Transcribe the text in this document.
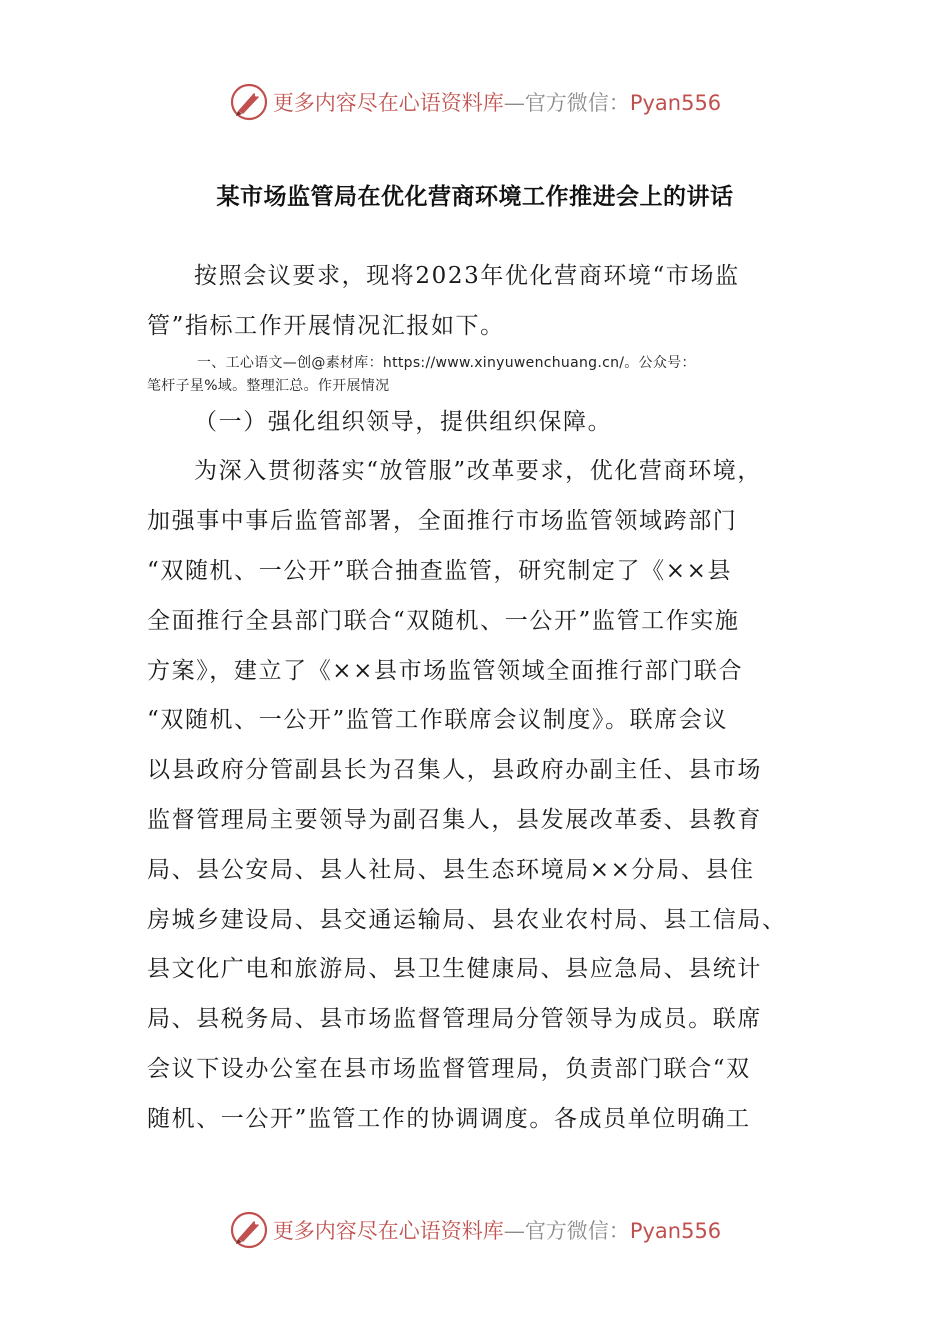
更多内容尽在心语资料库—官方微信：Pyan556
某市场监管局在优化营商环境工作推进会上的讲话
按照会议要求，现将2023年优化营商环境“市场监
管”指标工作开展情况汇报如下。
一、工心语文—创@素材库：https://www.xinyuwenchuang.cn/。公众号：
笔杆子星%域。整理汇总。作开展情况
（一）强化组织领导，提供组织保障。
为深入贯彻落实“放管服”改革要求，优化营商环境，
加强事中事后监管部署，全面推行市场监管领域跨部门
“双随机、一公开”联合抽查监管，研究制定了《××县
全面推行全县部门联合“双随机、一公开”监管工作实施
方案》，建立了《××县市场监管领域全面推行部门联合
“双随机、一公开”监管工作联席会议制度》。联席会议
以县政府分管副县长为召集人，县政府办副主任、县市场
监督管理局主要领导为副召集人，县发展改革委、县教育
局、县公安局、县人社局、县生态环境局××分局、县住
房城乡建设局、县交通运输局、县农业农村局、县工信局、
县文化广电和旅游局、县卫生健康局、县应急局、县统计
局、县税务局、县市场监督管理局分管领导为成员。联席
会议下设办公室在县市场监督管理局，负责部门联合“双
随机、一公开”监管工作的协调调度。各成员单位明确工
更多内容尽在心语资料库—官方微信：Pyan556
